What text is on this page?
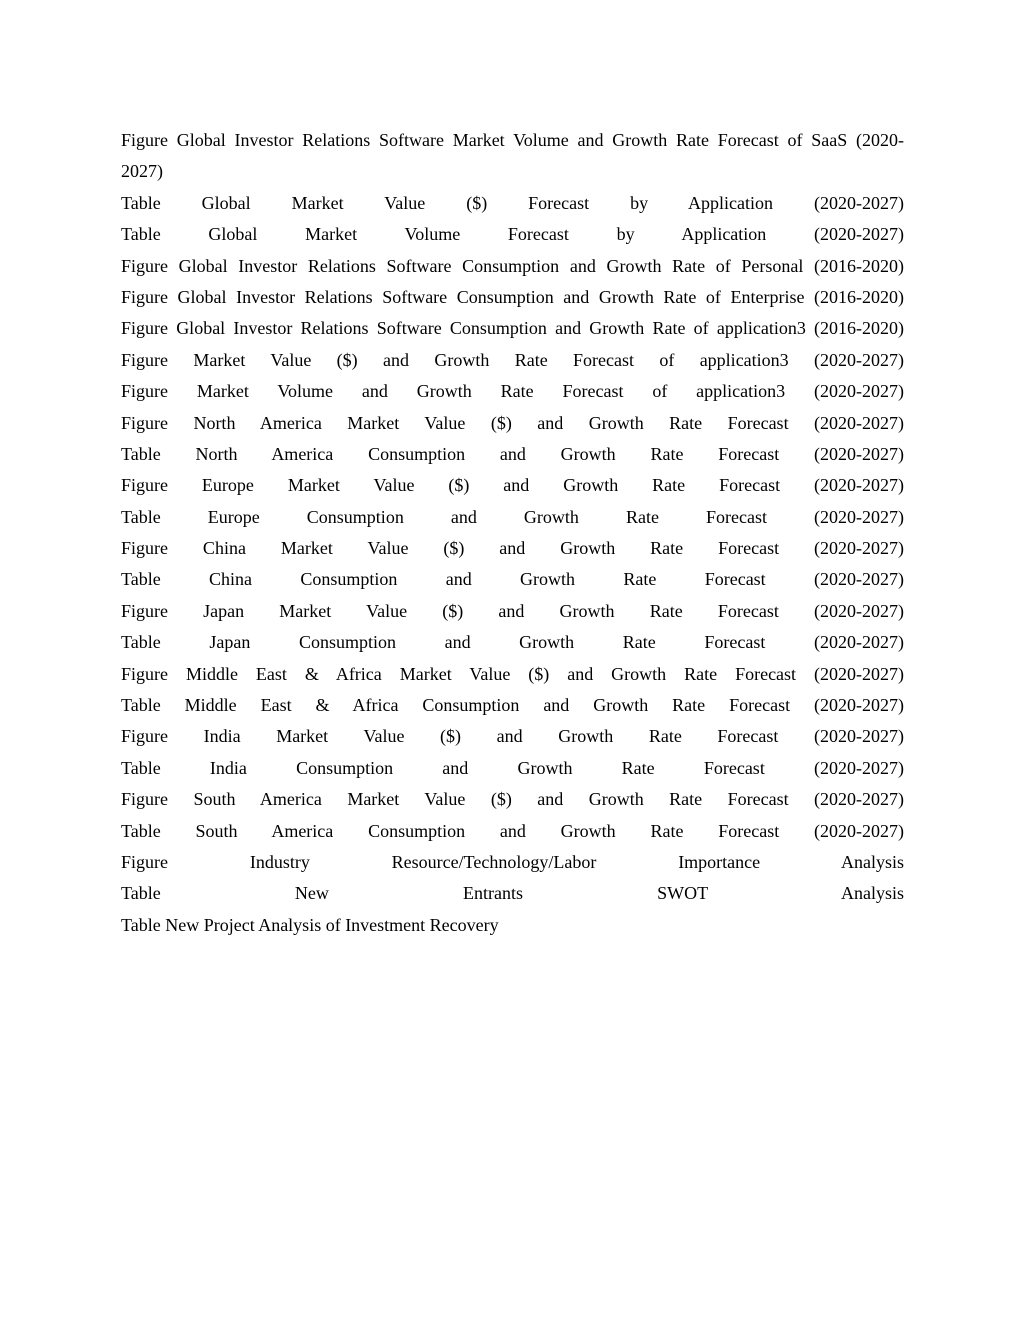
Figure Global Investor Relations Software Market Volume and Growth Rate Forecast of SaaS (2020-
2027)
Table Global Market Value ($) Forecast by Application (2020-2027)
Table Global Market Volume Forecast by Application (2020-2027)
Figure Global Investor Relations Software Consumption and Growth Rate of Personal (2016-2020)
Figure Global Investor Relations Software Consumption and Growth Rate of Enterprise (2016-2020)
Figure Global Investor Relations Software Consumption and Growth Rate of application3 (2016-2020)
Figure Market Value ($) and Growth Rate Forecast of application3 (2020-2027)
Figure Market Volume and Growth Rate Forecast of application3 (2020-2027)
Figure North America Market Value ($) and Growth Rate Forecast (2020-2027)
Table North America Consumption and Growth Rate Forecast (2020-2027)
Figure Europe Market Value ($) and Growth Rate Forecast (2020-2027)
Table Europe Consumption and Growth Rate Forecast (2020-2027)
Figure China Market Value ($) and Growth Rate Forecast (2020-2027)
Table China Consumption and Growth Rate Forecast (2020-2027)
Figure Japan Market Value ($) and Growth Rate Forecast (2020-2027)
Table Japan Consumption and Growth Rate Forecast (2020-2027)
Figure Middle East & Africa Market Value ($) and Growth Rate Forecast (2020-2027)
Table Middle East & Africa Consumption and Growth Rate Forecast (2020-2027)
Figure India Market Value ($) and Growth Rate Forecast (2020-2027)
Table India Consumption and Growth Rate Forecast (2020-2027)
Figure South America Market Value ($) and Growth Rate Forecast (2020-2027)
Table South America Consumption and Growth Rate Forecast (2020-2027)
Figure Industry Resource/Technology/Labor Importance Analysis
Table New Entrants SWOT Analysis
Table New Project Analysis of Investment Recovery
